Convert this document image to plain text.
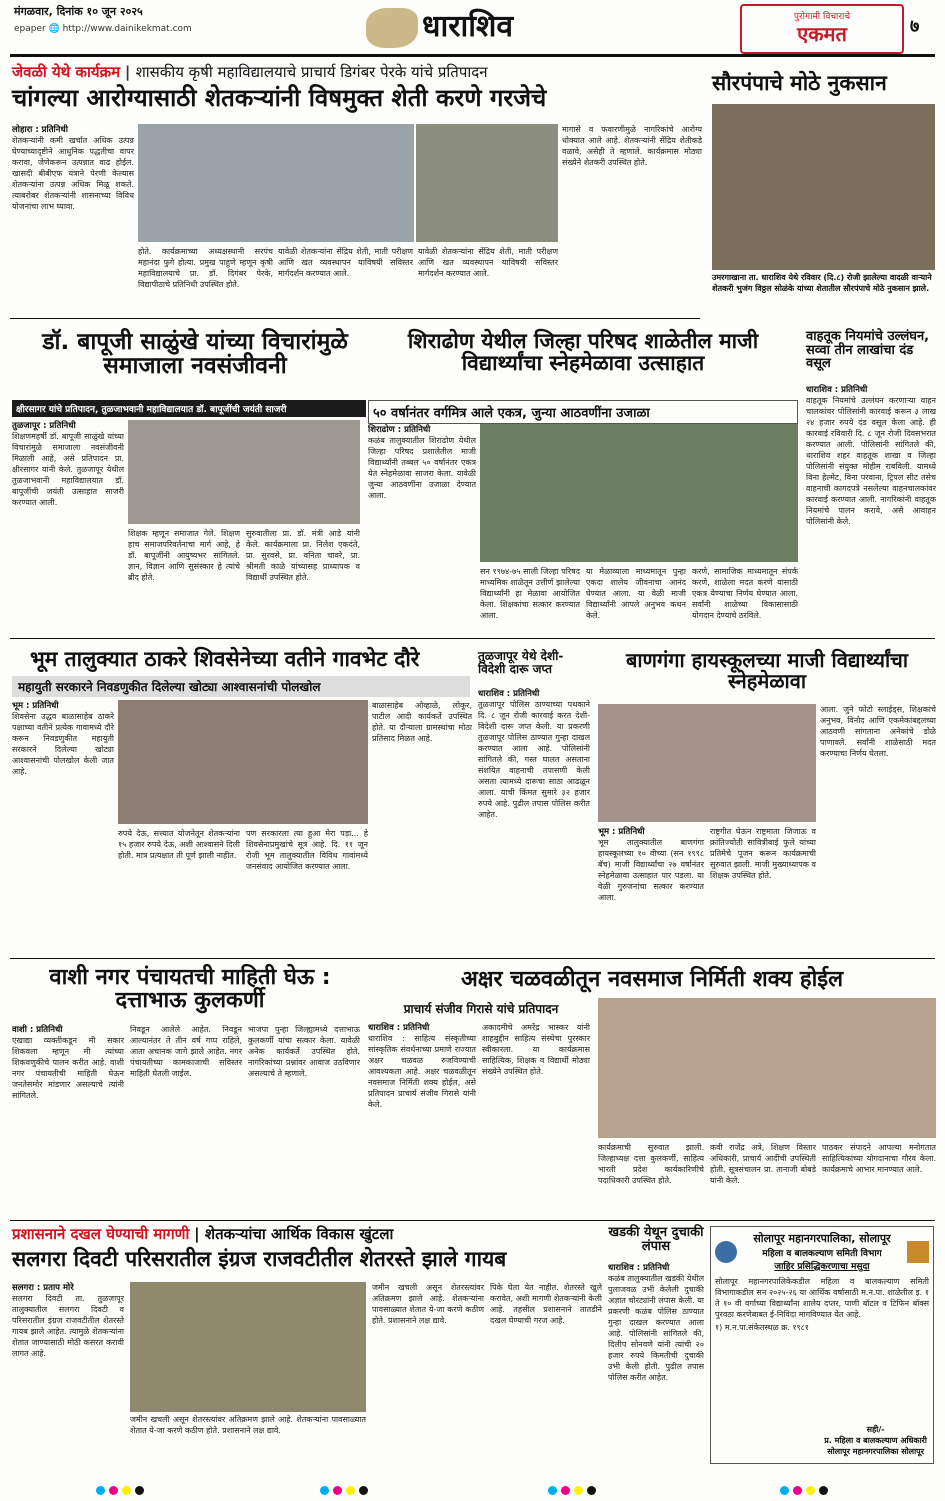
मंगळवार, दिनांक १० जून २०२५
epaper 🌐 http://www.dainikekmat.com	धाराशिव	पुरोगामी विचाराचे
एकमत	७
जेवळी येथे कार्यक्रम | शासकीय कृषी महाविद्यालयाचे प्राचार्य डिगंबर पेरके यांचे प्रतिपादन
चांगल्या आरोग्यासाठी शेतकऱ्यांनी विषमुक्त शेती करणे गरजेचे
लोहारा : प्रतिनिधी
शेतकऱ्यांनी कमी खर्चात अधिक उत्पन्न घेण्याच्यादृष्टीने आधुनिक पद्धतीचा वापर करावा, जेणेकरून उत्पन्नात वाढ होईल. खासदी बीबीएफ यंत्राने पेरणी केल्यास शेतकऱ्यांना उत्पन्न अधिक मिळू शकते. त्याबरोबर शेतकऱ्यांनी शासनाच्या विविध योजनांचा लाभ घ्यावा.
होते. कार्यक्रमाच्या अध्यक्षस्थानी सरपंच महानंदा फुगे होत्या. प्रमुख पाहुणे म्हणून कृषी महाविद्यालयाचे प्रा. डॉ. दिगंबर पेरके, विद्यापीठाचे प्रतिनिधी उपस्थित होते.
यावेळी शेतकऱ्यांना सेंद्रिय शेती, माती परीक्षण आणि खत व्यवस्थापन याविषयी सविस्तर मार्गदर्शन करण्यात आले.
यावेळी शेतकऱ्यांना सेंद्रिय शेती, माती परीक्षण आणि खत व्यवस्थापन याविषयी सविस्तर मार्गदर्शन करण्यात आले.
मागासे व फवारणीमुळे नागरिकांचे आरोग्य धोक्यात आले आहे. शेतकऱ्यांनी सेंद्रिय शेतीकडे वळावे, असेही ते म्हणाले. कार्यक्रमास मोठ्या संख्येने शेतकरी उपस्थित होते.
सौरपंपाचे मोठे नुकसान
उमरगाखाना ता. धाराशिव येथे रविवार (दि.८) रोजी झालेल्या वादळी वाऱ्याने शेतकरी भुजंग विठ्ठल सोळंके यांच्या शेतातील सौरपंपाचे मोठे नुकसान झाले.
डॉ. बापूजी साळुंखे यांच्या विचारांमुळे समाजाला नवसंजीवनी
क्षीरसागर यांचे प्रतिपादन, तुळजाभवानी महाविद्यालयात डॉ. बापूजींची जयंती साजरी
तुळजापूर : प्रतिनिधी
शिक्षणमहर्षी डॉ. बापूजी साळुंखे यांच्या विचारांमुळे समाजाला नवसंजीवनी मिळाली आहे, असे प्रतिपादन प्रा. क्षीरसागर यांनी केले. तुळजापूर येथील तुळजाभवानी महाविद्यालयात डॉ. बापूजींची जयंती उत्साहात साजरी करण्यात आली.
शिक्षक म्हणून समाजात गेले. शिक्षण हाच समाजपरिवर्तनाचा मार्ग आहे, हे डॉ. बापूजींनी आयुष्यभर सांगितले. ज्ञान, विज्ञान आणि सुसंस्कार हे त्यांचे ब्रीद होते.
सुरुवातीला प्रा. डॉ. मंत्री आडे यांनी केले. कार्यक्रमाला प्रा. निलेश एकदंते, प्रा. सुरवसे, प्रा. वनिता चावरे, प्रा. श्रीमती काळे यांच्यासह प्राध्यापक व विद्यार्थी उपस्थित होते.
शिराढोण येथील जिल्हा परिषद शाळेतील माजी विद्यार्थ्यांचा स्नेहमेळावा उत्साहात
५० वर्षानंतर वर्गमित्र आले एकत्र, जुन्या आठवणींना उजाळा
शिराढोण : प्रतिनिधी
कळंब तालुक्यातील शिराढोण येथील जिल्हा परिषद प्रशालेतील माजी विद्यार्थ्यांनी तब्बल ५० वर्षानंतर एकत्र येत स्नेहमेळावा साजरा केला. यावेळी जुन्या आठवणींना उजाळा देण्यात आला.
सन १९७४-७५ साली जिल्हा परिषद माध्यमिक शाळेतून उत्तीर्ण झालेल्या विद्यार्थ्यांनी हा मेळावा आयोजित केला. शिक्षकांचा सत्कार करण्यात आला.
या मेळाव्याला माध्यमातून पुन्हा एकदा शालेय जीवनाचा आनंद घेण्यात आला. या वेळी माजी विद्यार्थ्यांनी आपले अनुभव कथन केले.
करणे, सामाजिक माध्यमातून संपर्क करणे, शाळेला मदत करणे यासाठी एकत्र येण्याचा निर्णय घेण्यात आला. सर्वांनी शाळेच्या विकासासाठी योगदान देण्याचे ठरविले.
वाहतूक नियमांचे उल्लंघन, सव्वा तीन लाखांचा दंड वसूल
धाराशिव : प्रतिनिधी
वाहतूक नियमांचे उल्लंघन करणाऱ्या वाहन चालकांवर पोलिसांनी कारवाई करून ३ लाख २४ हजार रुपये दंड वसूल केला आहे. ही कारवाई रविवारी दि. ८ जून रोजी दिवसभरात करण्यात आली. पोलिसांनी सांगितले की, धाराशिव शहर वाहतूक शाखा व जिल्हा पोलिसांनी संयुक्त मोहीम राबविली. यामध्ये विना हेल्मेट, विना परवाना, ट्रिपल सीट तसेच वाहनाची कागदपत्रे नसलेल्या वाहनचालकांवर कारवाई करण्यात आली. नागरिकांनी वाहतूक नियमांचे पालन करावे, असे आवाहन पोलिसांनी केले.
भूम तालुक्यात ठाकरे शिवसेनेच्या वतीने गावभेट दौरे
महायुती सरकारने निवडणुकीत दिलेल्या खोट्या आश्वासनांची पोलखोल
भूम : प्रतिनिधी
शिवसेना उद्धव बाळासाहेब ठाकरे पक्षाच्या वतीने प्रत्येक गावामध्ये दौरे करून निवडणुकीत महायुती सरकारने दिलेल्या खोट्या आश्वासनांची पोलखोल केली जात आहे.
रुपये देऊ, सत्त्यात योजनेतून शेतकऱ्यांना १५ हजार रुपये देऊ, अशी आश्वासने दिली होती. मात्र प्रत्यक्षात ती पूर्ण झाली नाहीत.
पण सरकारला त्या हुआ मेरा पड़ा... हे शिवसेनाप्रमुखांचे सूत्र आहे. दि. ११ जून रोजी भूम तालुक्यातील विविध गावांमध्ये जनसंवाद आयोजित करण्यात आला.
बाळासाहेब ओव्हाळे, लोकूर, पाटील आदी कार्यकर्ते उपस्थित होते. या दौऱ्याला ग्रामस्थांचा मोठा प्रतिसाद मिळत आहे.
तुळजापूर येथे देशी-विदेशी दारू जप्त
धाराशिव : प्रतिनिधी
तुळजापूर पोलिस ठाण्याच्या पथकाने दि. ८ जून रोजी कारवाई करत देशी-विदेशी दारू जप्त केली. या प्रकरणी तुळजापूर पोलिस ठाण्यात गुन्हा दाखल करण्यात आला आहे. पोलिसांनी सांगितले की, गस्त घालत असताना संशयित वाहनाची तपासणी केली असता त्यामध्ये दारूचा साठा आढळून आला. याची किंमत सुमारे ३२ हजार रुपये आहे. पुढील तपास पोलिस करीत आहेत.
बाणगंगा हायस्कूलच्या माजी विद्यार्थ्यांचा स्नेहमेळावा
भूम : प्रतिनिधी
भूम तालुक्यातील बाणगंगा हायस्कूलच्या १० वीच्या (सन १९९८ बॅच) माजी विद्यार्थ्यांचा २७ वर्षानंतर स्नेहमेळावा उत्साहात पार पडला. या वेळी गुरुजनांचा सत्कार करण्यात आला.
राष्ट्रगीत घेऊन राष्ट्रमाता जिजाऊ व क्रांतिज्योती सावित्रीबाई फुले यांच्या प्रतिमेचे पूजन करून कार्यक्रमाची सुरुवात झाली. माजी मुख्याध्यापक व शिक्षक उपस्थित होते.
आला. जुने फोटो स्लाईड्स, शिक्षकांचे अनुभव, विनोद आणि एकमेकांबद्दलच्या आठवणी सांगताना अनेकांचे डोळे पाणावले. सर्वांनी शाळेसाठी मदत करण्याचा निर्णय घेतला.
वाशी नगर पंचायतची माहिती घेऊ : दत्ताभाऊ कुलकर्णी
वाशी : प्रतिनिधी
एखाद्या व्यक्तीकडून मी सकार शिकवला म्हणून मी त्यांच्या शिकवणुकीचे पालन करीत आहे. वाशी नगर पंचायतीची माहिती घेऊन जनतेसमोर मांडणार असल्याचे त्यांनी सांगितले.
निवडून आलेले आहेत. निवडून आल्यानंतर ते तीन वर्ष गप्प राहिले, आता अचानक जागे झाले आहेत. नगर पंचायतीच्या कामकाजाची सविस्तर माहिती घेतली जाईल.
भाजपा पुन्हा जिल्ह्यामध्ये दत्ताभाऊ कुलकर्णी यांचा सत्कार केला. यावेळी अनेक कार्यकर्ते उपस्थित होते. नागरिकांच्या प्रश्नांवर आवाज उठविणार असल्याचे ते म्हणाले.
अक्षर चळवळीतून नवसमाज निर्मिती शक्य होईल
प्राचार्य संजीव गिरासे यांचे प्रतिपादन
धाराशिव : प्रतिनिधी
धाराशिव : साहित्य संस्कृतीच्या सांस्कृतिक संवर्धनाच्या प्रमाणे राज्यात अक्षर चळवळ रुजविण्याची आवश्यकता आहे. अक्षर चळवळीतून नवसमाज निर्मिती शक्य होईल, असे प्रतिपादन प्राचार्य संजीव गिरासे यांनी केले.
अकादमीचे अमरेंद्र भास्कर यांनी शाहबुद्दीन साहित्य संस्थेचा पुरस्कार स्वीकारला. या कार्यक्रमास साहित्यिक, शिक्षक व विद्यार्थी मोठ्या संख्येने उपस्थित होते.
कार्यक्रमाची सुरुवात झाली. जिल्हाध्यक्ष दत्ता कुलकर्णी, साहित्य भारती प्रदेश कार्यकारिणीचे पदाधिकारी उपस्थित होते.
कवी राजेंद्र अत्रे, शिक्षण विस्तार अधिकारी, प्राचार्य आदींची उपस्थिती होती. सूत्रसंचालन प्रा. तानाजी बोबडे यांनी केले.
पाठकर संपादने आपल्या मनोगतात साहित्यिकांच्या योगदानाचा गौरव केला. कार्यक्रमाचे आभार मानण्यात आले.
प्रशासनाने दखल घेण्याची मागणी | शेतकऱ्यांचा आर्थिक विकास खुंटला
सलगरा दिवटी परिसरातील इंग्रज राजवटीतील शेतरस्ते झाले गायब
सलगरा : प्रताप मोरे
सलगरा दिवटी ता. तुळजापूर तालुक्यातील सलगरा दिवटी व परिसरातील इंग्रज राजवटीतील शेतरस्ते गायब झाले आहेत. त्यामुळे शेतकऱ्यांना शेतात जाण्यासाठी मोठी कसरत करावी लागत आहे.
जमीन खचली असून शेतरस्त्यांवर अतिक्रमण झाले आहे. शेतकऱ्यांना पावसाळ्यात शेतात ये-जा करणे कठीण होते. प्रशासनाने लक्ष द्यावे.
जमीन खचली असून शेतरस्त्यांवर अतिक्रमण झाले आहे. शेतकऱ्यांना पावसाळ्यात शेतात ये-जा करणे कठीण होते. प्रशासनाने लक्ष द्यावे.
पिके घेता येत नाहीत. शेतरस्ते खुले करावेत, अशी मागणी शेतकऱ्यांनी केली आहे. तहसील प्रशासनाने तातडीने दखल घेण्याची गरज आहे.
खडकी येथून दुचाकी लंपास
धाराशिव : प्रतिनिधी
कळंब तालुक्यातील खडकी येथील पुलाजवळ उभी केलेली दुचाकी अज्ञात चोरट्यांनी लंपास केली. या प्रकरणी कळंब पोलिस ठाण्यात गुन्हा दाखल करण्यात आला आहे. पोलिसांनी सांगितले की, दिलीप सोनवणे यांनी त्यांची २० हजार रुपये किमतीची दुचाकी उभी केली होती. पुढील तपास पोलिस करीत आहेत.
सोलापूर महानगरपालिका, सोलापूर
महिला व बालकल्याण समिती विभाग
जाहिर प्रसिद्धिकरणाचा मसुदा
सोलापूर महानगरपालिकेकडील महिला व बालकल्याण समिती विभागाकडील सन २०२५-२६ या आर्थिक वर्षासाठी म.न.पा. शाळेतील इ. १ ते १० वी वर्गाच्या विद्यार्थ्यांना शालेय दप्तर, पाणी बॉटल व टिफिन बॉक्स पुरवठा करणेबाबत ई-निविदा मागविण्यात येत आहे.
१) म.न.पा.संकेतस्थळ क्र. १९८१
सही/-
प्र. महिला व बालकल्याण अधिकारी
सोलापूर महानगरपालिका सोलापूर
